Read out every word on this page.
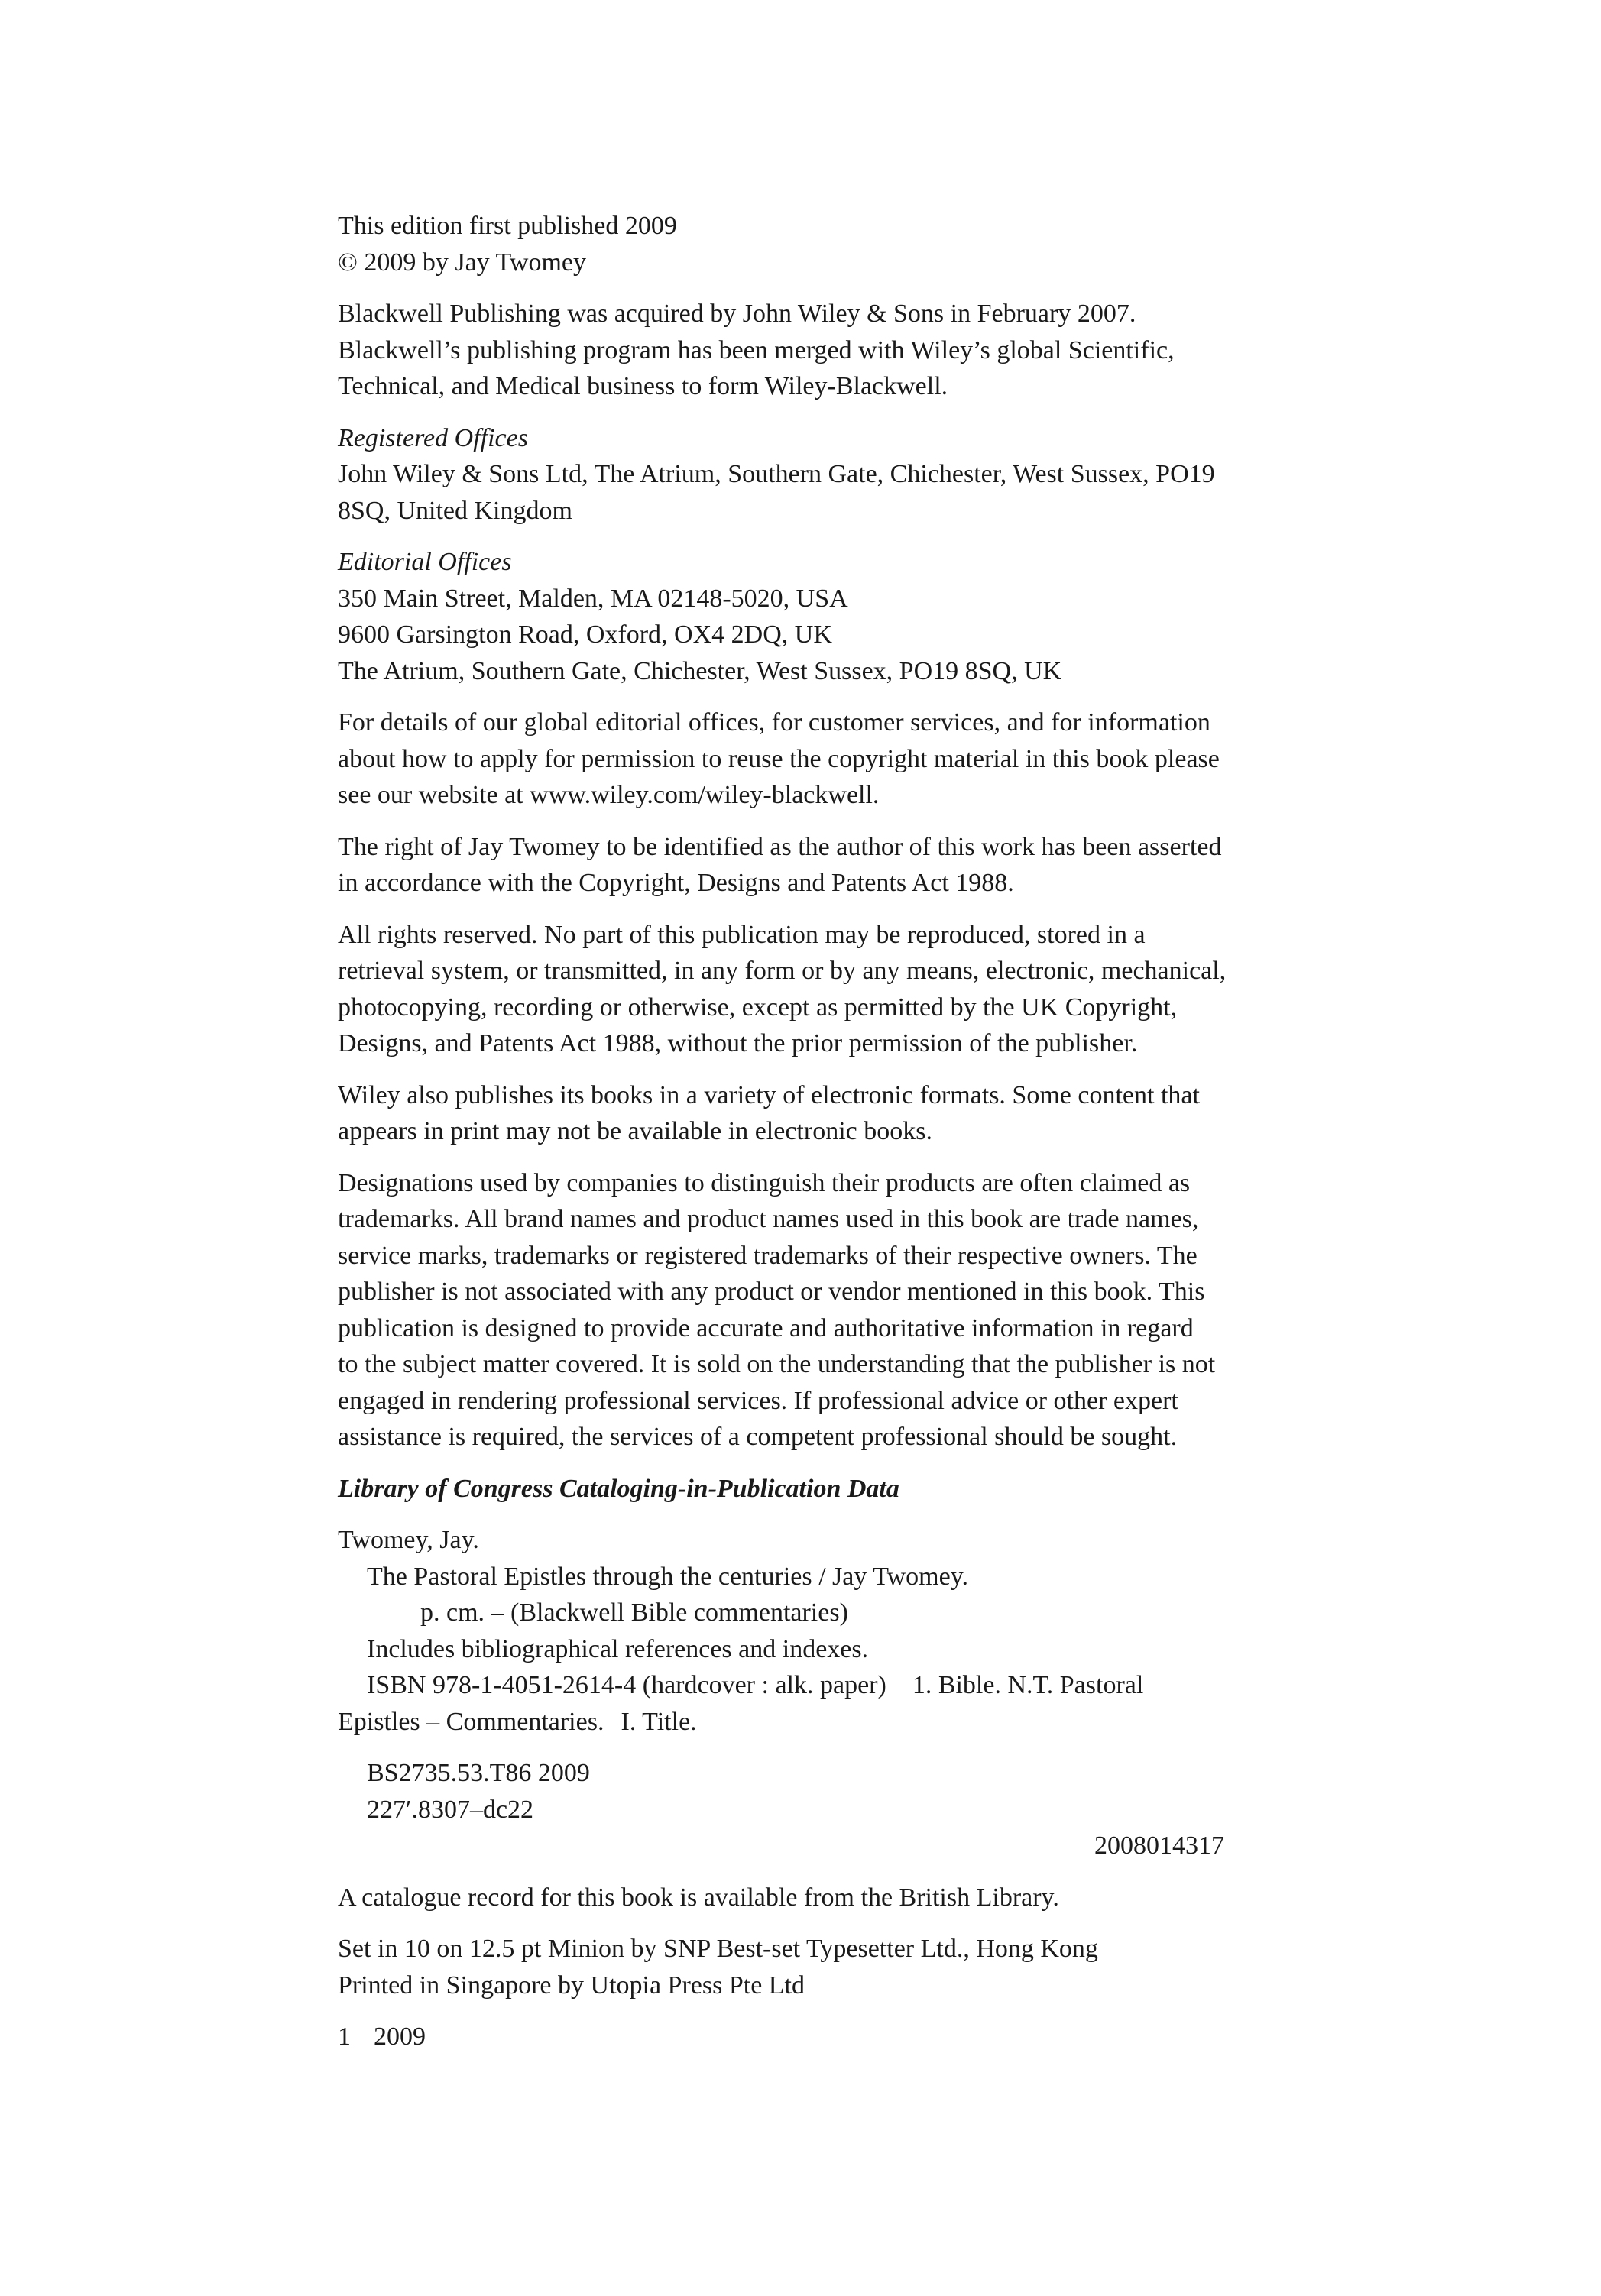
This edition first published 2009
© 2009 by Jay Twomey
Blackwell Publishing was acquired by John Wiley & Sons in February 2007.
Blackwell’s publishing program has been merged with Wiley’s global Scientific,
Technical, and Medical business to form Wiley-Blackwell.
Registered Offices
John Wiley & Sons Ltd, The Atrium, Southern Gate, Chichester, West Sussex, PO19
8SQ, United Kingdom
Editorial Offices
350 Main Street, Malden, MA 02148-5020, USA
9600 Garsington Road, Oxford, OX4 2DQ, UK
The Atrium, Southern Gate, Chichester, West Sussex, PO19 8SQ, UK
For details of our global editorial offices, for customer services, and for information
about how to apply for permission to reuse the copyright material in this book please
see our website at www.wiley.com/wiley-blackwell.
The right of Jay Twomey to be identified as the author of this work has been asserted
in accordance with the Copyright, Designs and Patents Act 1988.
All rights reserved. No part of this publication may be reproduced, stored in a
retrieval system, or transmitted, in any form or by any means, electronic, mechanical,
photocopying, recording or otherwise, except as permitted by the UK Copyright,
Designs, and Patents Act 1988, without the prior permission of the publisher.
Wiley also publishes its books in a variety of electronic formats. Some content that
appears in print may not be available in electronic books.
Designations used by companies to distinguish their products are often claimed as
trademarks. All brand names and product names used in this book are trade names,
service marks, trademarks or registered trademarks of their respective owners. The
publisher is not associated with any product or vendor mentioned in this book. This
publication is designed to provide accurate and authoritative information in regard
to the subject matter covered. It is sold on the understanding that the publisher is not
engaged in rendering professional services. If professional advice or other expert
assistance is required, the services of a competent professional should be sought.
Library of Congress Cataloging-in-Publication Data
Twomey, Jay.
The Pastoral Epistles through the centuries / Jay Twomey.
p. cm. – (Blackwell Bible commentaries)
Includes bibliographical references and indexes.
ISBN 978-1-4051-2614-4 (hardcover : alk. paper) 1. Bible. N.T. Pastoral
Epistles – Commentaries. I. Title.
BS2735.53.T86 2009
227′.8307–dc22
2008014317
A catalogue record for this book is available from the British Library.
Set in 10 on 12.5 pt Minion by SNP Best-set Typesetter Ltd., Hong Kong
Printed in Singapore by Utopia Press Pte Ltd
1 2009
